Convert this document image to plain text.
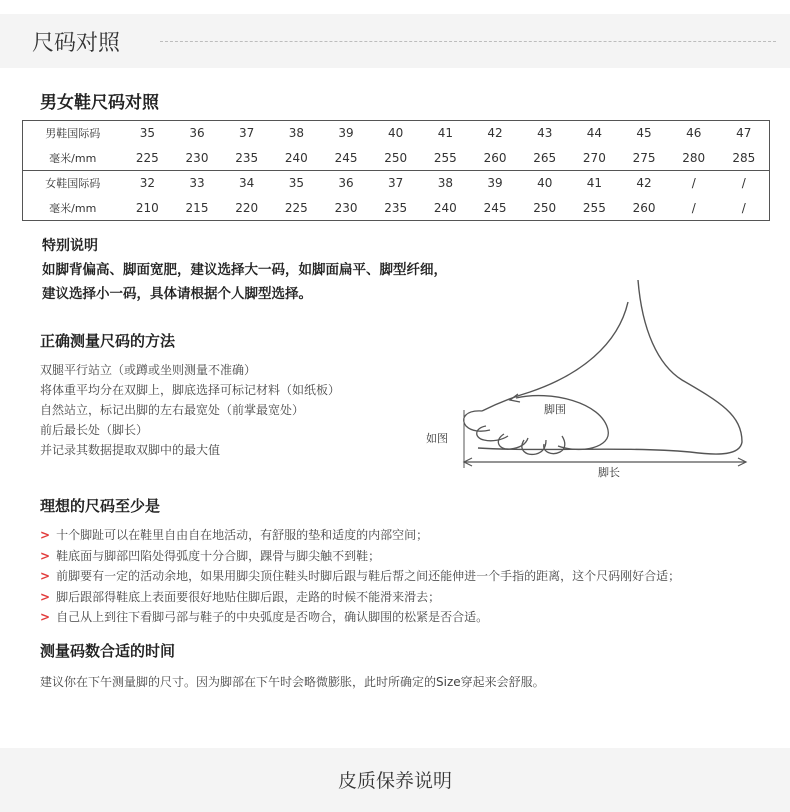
尺码对照
男女鞋尺码对照
男鞋国际码	35	36	37	38	39	40	41	42	43	44	45	46	47
毫米/mm	225	230	235	240	245	250	255	260	265	270	275	280	285
女鞋国际码	32	33	34	35	36	37	38	39	40	41	42	/	/
毫米/mm	210	215	220	225	230	235	240	245	250	255	260	/	/
特别说明
如脚背偏高、脚面宽肥，建议选择大一码，如脚面扁平、脚型纤细，
建议选择小一码，具体请根据个人脚型选择。
正确测量尺码的方法
双腿平行站立（或蹲或坐则测量不准确）
将体重平均分在双脚上，脚底选择可标记材料（如纸板）
自然站立，标记出脚的左右最宽处（前掌最宽处）
前后最长处（脚长）
并记录其数据提取双脚中的最大值
脚围
如图
脚长
理想的尺码至少是
> 十个脚趾可以在鞋里自由自在地活动，有舒服的垫和适度的内部空间；
> 鞋底面与脚部凹陷处得弧度十分合脚，踝骨与脚尖触不到鞋；
> 前脚要有一定的活动余地，如果用脚尖顶住鞋头时脚后跟与鞋后帮之间还能伸进一个手指的距离，这个尺码刚好合适；
> 脚后跟部得鞋底上表面要很好地贴住脚后跟，走路的时候不能滑来滑去；
> 自己从上到往下看脚弓部与鞋子的中央弧度是否吻合，确认脚围的松紧是否合适。
测量码数合适的时间
建议你在下午测量脚的尺寸。因为脚部在下午时会略微膨胀，此时所确定的Size穿起来会舒服。
皮质保养说明
